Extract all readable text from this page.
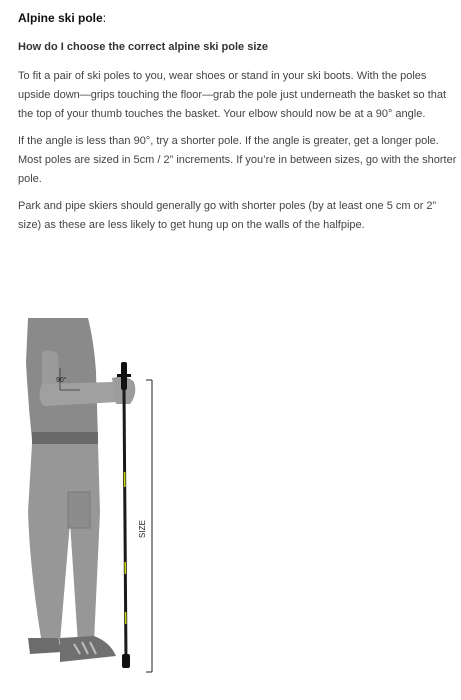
Alpine ski pole:
How do I choose the correct alpine ski pole size

To fit a pair of ski poles to you, wear shoes or stand in your ski boots. With the poles upside down—grips touching the floor—grab the pole just underneath the basket so that the top of your thumb touches the basket. Your elbow should now be at a 90° angle.

If the angle is less than 90°, try a shorter pole. If the angle is greater, get a longer pole. Most poles are sized in 5cm / 2” increments. If you’re in between sizes, go with the shorter pole.

Park and pipe skiers should generally go with shorter poles (by at least one 5 cm or 2” size) as these are less likely to get hung up on the walls of the halfpipe.

90°
SIZE
